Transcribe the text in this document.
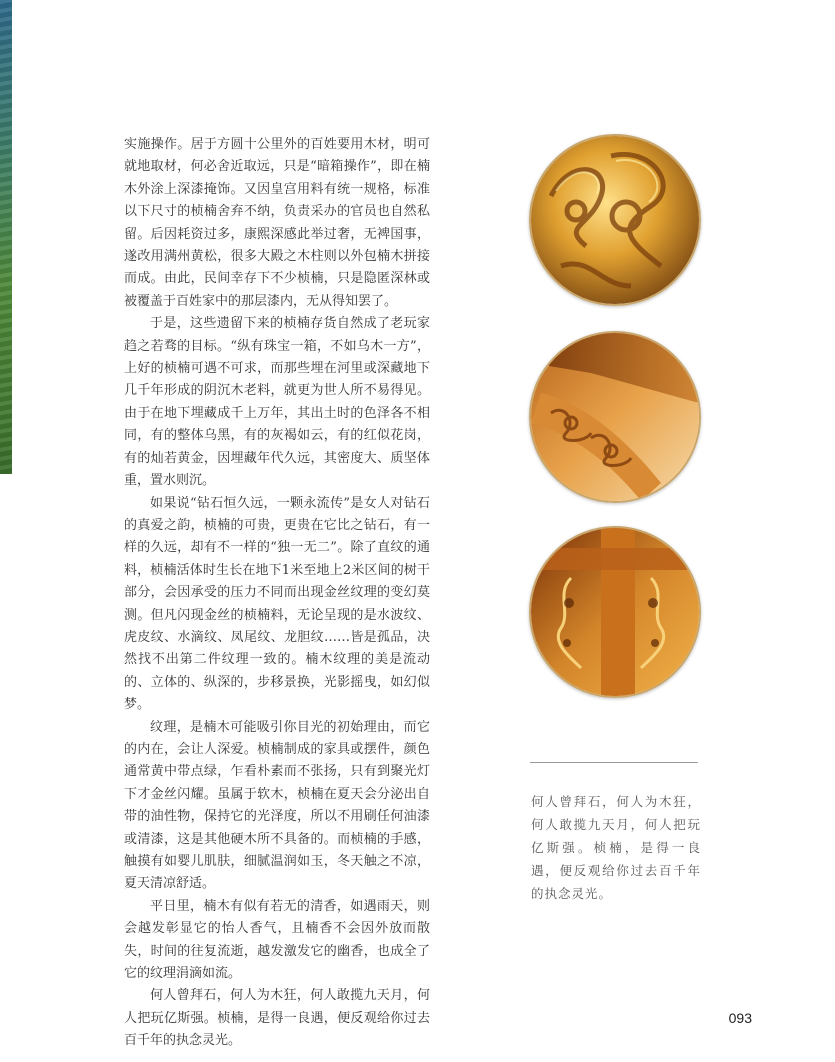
实施操作。居于方圆十公里外的百姓要用木材，明可就地取材，何必舍近取远，只是“暗箱操作”，即在楠木外涂上深漆掩饰。又因皇宫用料有统一规格，标准以下尺寸的桢楠舍弃不纳，负责采办的官员也自然私留。后因耗资过多，康熙深感此举过奢，无裨国事，遂改用满州黄松，很多大殿之木柱则以外包楠木拼接而成。由此，民间幸存下不少桢楠，只是隐匿深林或被覆盖于百姓家中的那层漆内，无从得知罢了。

于是，这些遗留下来的桢楠存货自然成了老玩家趋之若骛的目标。“纵有珠宝一箱，不如乌木一方”，上好的桢楠可遇不可求，而那些埋在河里或深藏地下几千年形成的阴沉木老料，就更为世人所不易得见。由于在地下埋藏成千上万年，其出土时的色泽各不相同，有的整体乌黑，有的灰褐如云，有的红似花岗，有的灿若黄金，因埋藏年代久远，其密度大、质坚体重，置水则沉。

如果说“钻石恒久远，一颗永流传”是女人对钻石的真爱之韵，桢楠的可贵，更贵在它比之钻石，有一样的久远，却有不一样的“独一无二”。除了直纹的通料，桢楠活体时生长在地下1米至地上2米区间的树干部分，会因承受的压力不同而出现金丝纹理的变幻莫测。但凡闪现金丝的桢楠料，无论呈现的是水波纹、虎皮纹、水滴纹、凤尾纹、龙胆纹……皆是孤品，决然找不出第二件纹理一致的。楠木纹理的美是流动的、立体的、纵深的，步移景换，光影摇曳，如幻似梦。

纹理，是楠木可能吸引你目光的初始理由，而它的内在，会让人深爱。桢楠制成的家具或摆件，颜色通常黄中带点绿，乍看朴素而不张扬，只有到聚光灯下才金丝闪耀。虽属于软木，桢楠在夏天会分泌出自带的油性物，保持它的光泽度，所以不用刷任何油漆或清漆，这是其他硬木所不具备的。而桢楠的手感，触摸有如婴儿肌肤，细腻温润如玉，冬天触之不凉，夏天清凉舒适。

平日里，楠木有似有若无的清香，如遇雨天，则会越发彰显它的怡人香气，且楠香不会因外放而散失，时间的往复流逝，越发激发它的幽香，也成全了它的纹理涓滴如流。

何人曾拜石，何人为木狂，何人敢揽九天月，何人把玩亿斯强。桢楠，是得一良遇，便反观给你过去百千年的执念灵光。

何人曾拜石，何人为木狂，何人敢揽九天月，何人把玩亿斯强。桢楠，是得一良遇，便反观给你过去百千年的执念灵光。
093
